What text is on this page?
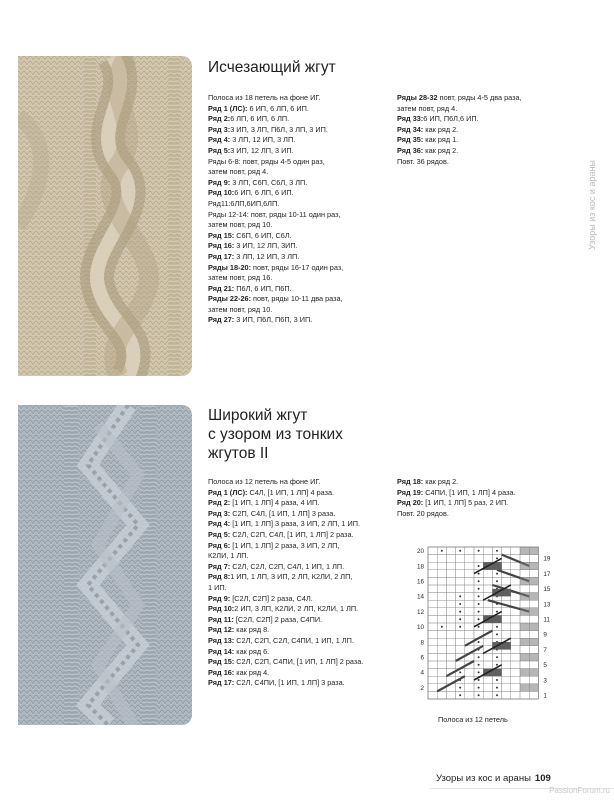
Узоры из кос и араны
Исчезающий жгут
Полоса из 18 петель на фоне ИГ.
Ряд 1 (ЛС): 6 ИП, 6 ЛП, 6 ИП.
Ряд 2:6 ЛП, 6 ИП, 6 ЛП.
Ряд 3:3 ИП, 3 ЛП, П6Л, 3 ЛП, 3 ИП.
Ряд 4: 3 ЛП, 12 ИП, 3 ЛП.
Ряд 5:3 ИП, 12 ЛП, 3 ИП.
Ряды 6-8: повт, ряды 4-5 один раз,
затем повт, ряд 4.
Ряд 9: 3 ЛП, С6П, С6Л, 3 ЛП.
Ряд 10:6 ИП, 6 ЛП, 6 ИП.
Ряд11:6ЛП,6ИП,6ЛП.
Ряды 12-14: повт, ряды 10-11 один раз,
затем повт, ряд 10.
Ряд 15: С6П, 6 ИП, С6Л.
Ряд 16: 3 ИП, 12 ЛП, 3ИП.
Ряд 17: 3 ЛП, 12 ИП, 3 ЛП.
Ряды 18-20: повт, ряды 16-17 один раз,
затем повт, ряд 16.
Ряд 21: П6Л, 6 ИП, П6П.
Ряды 22-26: повт, ряды 10-11 два раза,
затем повт, ряд 10.
Ряд 27: 3 ИП, П6Л, П6П, 3 ИП.
Ряды 28-32 повт, ряды 4-5 два раза,
затем повт, ряд 4.
Ряд 33:6 ИП, П6Л,6 ИП.
Ряд 34: как ряд 2.
Ряд 35: как ряд 1.
Ряд 36: как ряд 2.
Повт. 36 рядов.
Широкий жгут
с узором из тонких
жгутов II
Полоса из 12 петель на фоне ИГ.
Ряд 1 (ЛС): С4Л, [1 ИП, 1 ЛП] 4 раза.
Ряд 2: [1 ИП, 1 ЛП] 4 раза, 4 ИП.
Ряд 3: С2П, С4Л, [1 ИП, 1 ЛП] 3 раза.
Ряд 4: [1 ИП, 1 ЛП] 3 раза, 3 ИП, 2 ЛП, 1 ИП.
Ряд 5: С2Л, С2П, С4Л, [1 ИП, 1 ЛП] 2 раза.
Ряд 6: [1 ИП, 1 ЛП] 2 раза, 3 ИП, 2 ЛП,
К2ЛИ, 1 ЛП.
Ряд 7: С2Л, С2Л, С2П, С4Л, 1 ИП, 1 ЛП.
Ряд 8:1 ИП, 1 ЛП, 3 ИП, 2 ЛП, К2ЛИ, 2 ЛП,
1 ИП.
Ряд 9: [С2Л, С2П] 2 раза, С4Л.
Ряд 10:2 ИП, 3 ЛП, К2ЛИ, 2 ЛП, К2ЛИ, 1 ЛП.
Ряд 11: [С2Л, С2П] 2 раза, С4ПИ.
Ряд 12: как ряд 8.
Ряд 13: С2Л, С2П, С2Л, С4ПИ, 1 ИП, 1 ЛП.
Ряд 14: как ряд 6.
Ряд 15: С2Л, С2П, С4ПИ, [1 ИП, 1 ЛП] 2 раза.
Ряд 16: как ряд 4.
Ряд 17: С2Л, С4ПИ, [1 ИП, 1 ЛП] 3 раза.
Ряд 18: как ряд 2.
Ряд 19: С4ПИ, [1 ИП, 1 ЛП] 4 раза.
Ряд 20: [1 ИП, 1 ЛП] 5 раз, 2 ИП.
Повт. 20 рядов.
20
18
16
14
12
10
8
6
4
2
19
17
15
13
11
9
7
5
3
1
Полоса из 12 петель
Узоры из кос и араны 109
PassionForum.ru
